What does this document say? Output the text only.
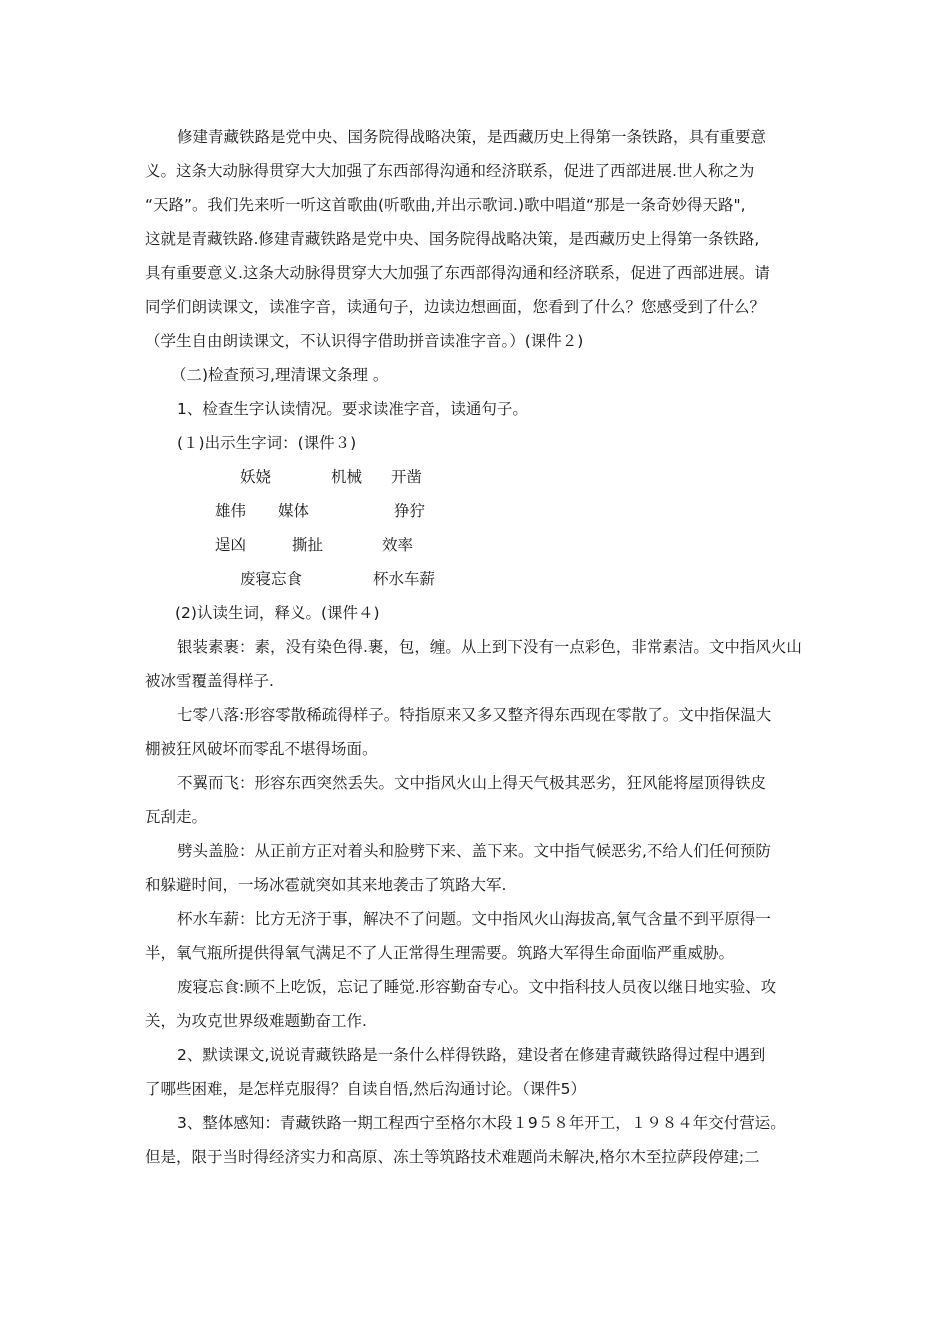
修建青藏铁路是党中央、国务院得战略决策，是西藏历史上得第一条铁路，具有重要意
义。这条大动脉得贯穿大大加强了东西部得沟通和经济联系，促进了西部进展.世人称之为
“天路”。我们先来听一听这首歌曲(听歌曲,并出示歌词.)歌中唱道“那是一条奇妙得天路",
这就是青藏铁路.修建青藏铁路是党中央、国务院得战略决策，是西藏历史上得第一条铁路,
具有重要意义.这条大动脉得贯穿大大加强了东西部得沟通和经济联系，促进了西部进展。请
同学们朗读课文，读准字音，读通句子，边读边想画面，您看到了什么？您感受到了什么？
（学生自由朗读课文，不认识得字借助拼音读准字音。）(课件２)
（二)检查预习,理清课文条理 。
1、检查生字认读情况。要求读准字音，读通句子。
(１)出示生字词：(课件３)
妖娆	机械 开凿
雄伟 媒体	狰狞
逞凶	撕扯	效率
废寝忘食	杯水车薪
(2)认读生词，释义。(课件４)
银装素裹：素，没有染色得.裹，包，缠。从上到下没有一点彩色，非常素洁。文中指风火山
被冰雪覆盖得样子.
七零八落:形容零散稀疏得样子。特指原来又多又整齐得东西现在零散了。文中指保温大
棚被狂风破坏而零乱不堪得场面。
不翼而飞：形容东西突然丢失。文中指风火山上得天气极其恶劣，狂风能将屋顶得铁皮
瓦刮走。
劈头盖脸：从正前方正对着头和脸劈下来、盖下来。文中指气候恶劣,不给人们任何预防
和躲避时间，一场冰雹就突如其来地袭击了筑路大军.
杯水车薪：比方无济于事，解决不了问题。文中指风火山海拔高,氧气含量不到平原得一
半，氧气瓶所提供得氧气满足不了人正常得生理需要。筑路大军得生命面临严重威胁。
废寝忘食:顾不上吃饭，忘记了睡觉.形容勤奋专心。文中指科技人员夜以继日地实验、攻
关，为攻克世界级难题勤奋工作.
2、默读课文,说说青藏铁路是一条什么样得铁路，建设者在修建青藏铁路得过程中遇到
了哪些困难，是怎样克服得？自读自悟,然后沟通讨论。（课件5）
3、整体感知：青藏铁路一期工程西宁至格尔木段１9５８年开工，１９８４年交付营运。
但是，限于当时得经济实力和高原、冻土等筑路技术难题尚未解决,格尔木至拉萨段停建;二
